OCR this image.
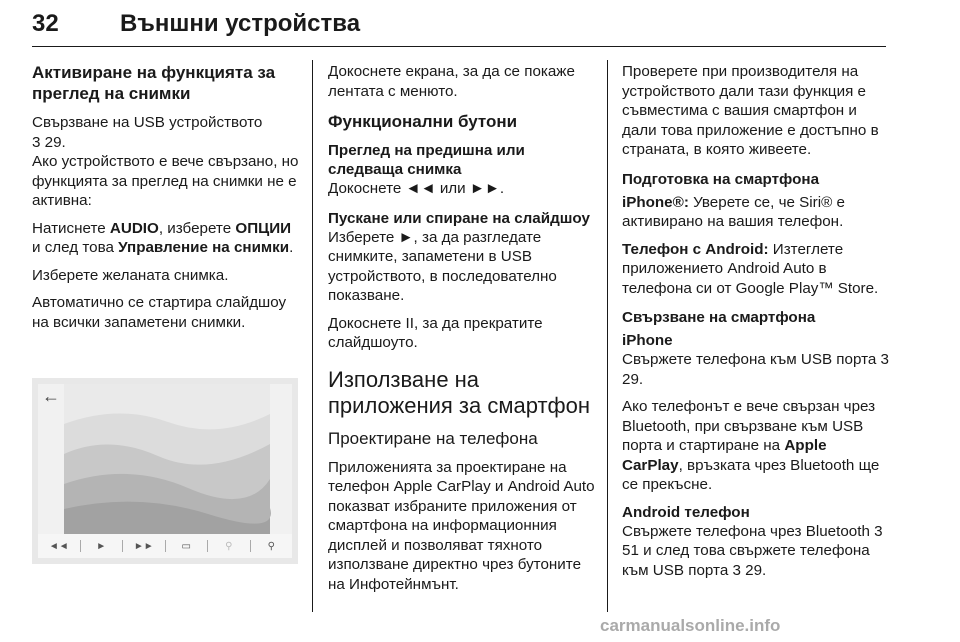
32	Външни устройства
Активиране на функцията за преглед на снимки

Свързване на USB устройството
3 29.

Ако устройството е вече свързано, но функцията за преглед на снимки не е активна:

Натиснете AUDIO, изберете ОПЦИИ и след това Управление на снимки.

Изберете желаната снимка.

Автоматично се стартира слайдшоу на всички запаметени снимки.

←
◄◄	►	►►	▭	⚲	⚲

Докоснете екрана, за да се покаже лентата с менюто.

Функционални бутони
Преглед на предишна или следваща снимка

Докоснете ◄◄ или ►►.

Пускане или спиране на слайдшоу

Изберете ►, за да разгледате снимките, запаметени в USB устройството, в последователно показване.

Докоснете II, за да прекратите слайдшоуто.

Използване на приложения за смартфон
Проектиране на телефона

Приложенията за проектиране на телефон Apple CarPlay и Android Auto показват избраните приложения от смартфона на информационния дисплей и позволяват тяхното използване директно чрез бутоните на Инфотейнмънт.

Проверете при производителя на устройството дали тази функция е съвместима с вашия смартфон и дали това приложение е достъпно в страната, в която живеете.

Подготовка на смартфона

iPhone®: Уверете се, че Siri® е активирано на вашия телефон.

Телефон с Android: Изтеглете приложението Android Auto в телефона си от Google Play™ Store.

Свързване на смартфона
iPhone

Свържете телефона към USB порта 3 29.

Ако телефонът е вече свързан чрез Bluetooth, при свързване към USB порта и стартиране на Apple CarPlay, връзката чрез Bluetooth ще се прекъсне.

Android телефон

Свържете телефона чрез Bluetooth 3 51 и след това свържете телефона към USB порта 3 29.

carmanualsonline.info
